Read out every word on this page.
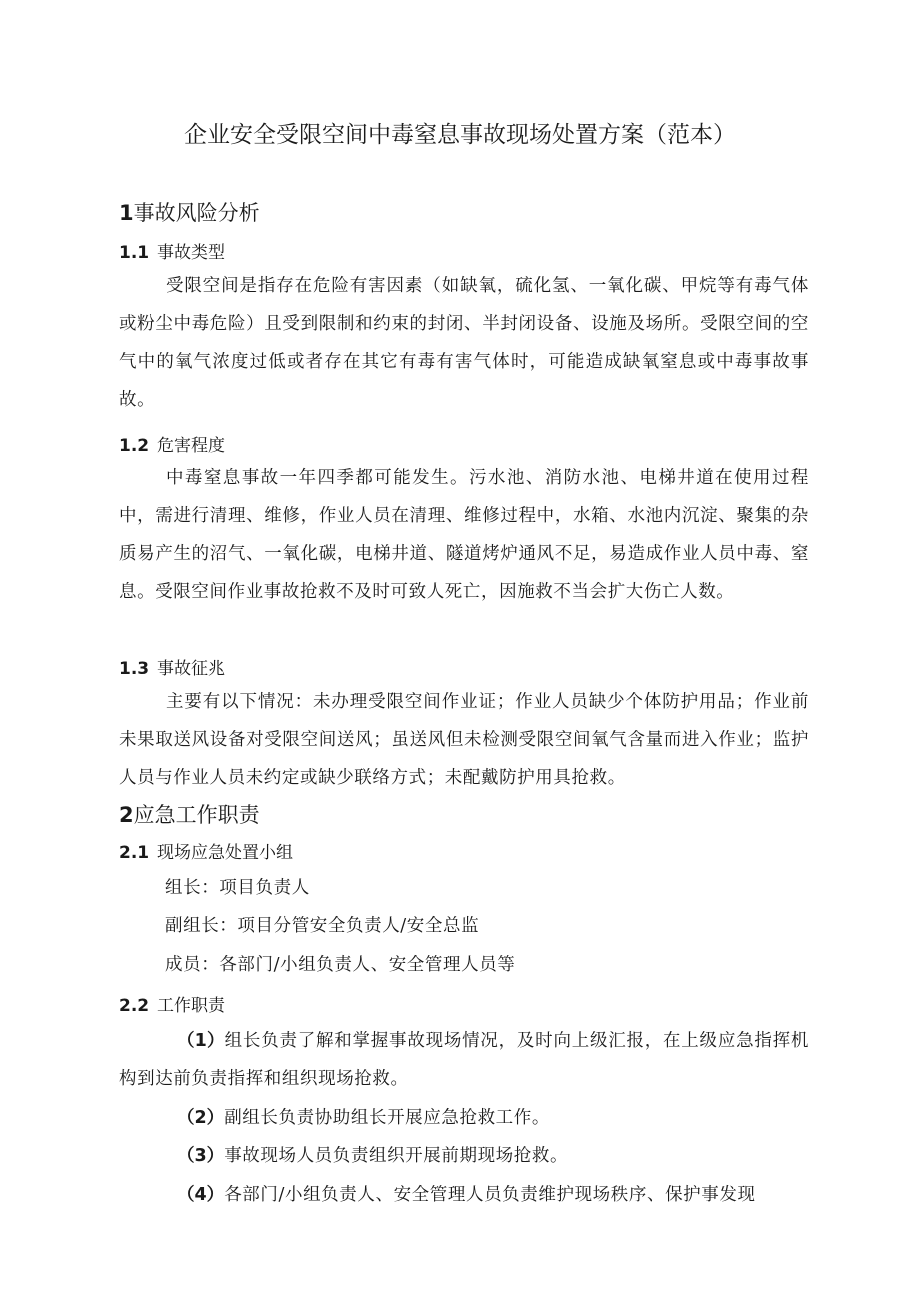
企业安全受限空间中毒窒息事故现场处置方案（范本）
1事故风险分析
1.1 事故类型

受限空间是指存在危险有害因素（如缺氧，硫化氢、一氧化碳、甲烷等有毒气体或粉尘中毒危险）且受到限制和约束的封闭、半封闭设备、设施及场所。受限空间的空气中的氧气浓度过低或者存在其它有毒有害气体时，可能造成缺氧窒息或中毒事故事故。

1.2 危害程度

中毒窒息事故一年四季都可能发生。污水池、消防水池、电梯井道在使用过程中，需进行清理、维修，作业人员在清理、维修过程中，水箱、水池内沉淀、聚集的杂质易产生的沼气、一氧化碳，电梯井道、隧道烤炉通风不足，易造成作业人员中毒、窒息。受限空间作业事故抢救不及时可致人死亡，因施救不当会扩大伤亡人数。

1.3 事故征兆

主要有以下情况：未办理受限空间作业证；作业人员缺少个体防护用品；作业前未果取送风设备对受限空间送风；虽送风但未检测受限空间氧气含量而进入作业；监护人员与作业人员未约定或缺少联络方式；未配戴防护用具抢救。

2应急工作职责
2.1 现场应急处置小组

组长：项目负责人

副组长：项目分管安全负责人/安全总监

成员：各部门/小组负责人、安全管理人员等

2.2 工作职责

（1）组长负责了解和掌握事故现场情况，及时向上级汇报，在上级应急指挥机构到达前负责指挥和组织现场抢救。

（2）副组长负责协助组长开展应急抢救工作。

（3）事故现场人员负责组织开展前期现场抢救。

（4）各部门/小组负责人、安全管理人员负责维护现场秩序、保护事发现
